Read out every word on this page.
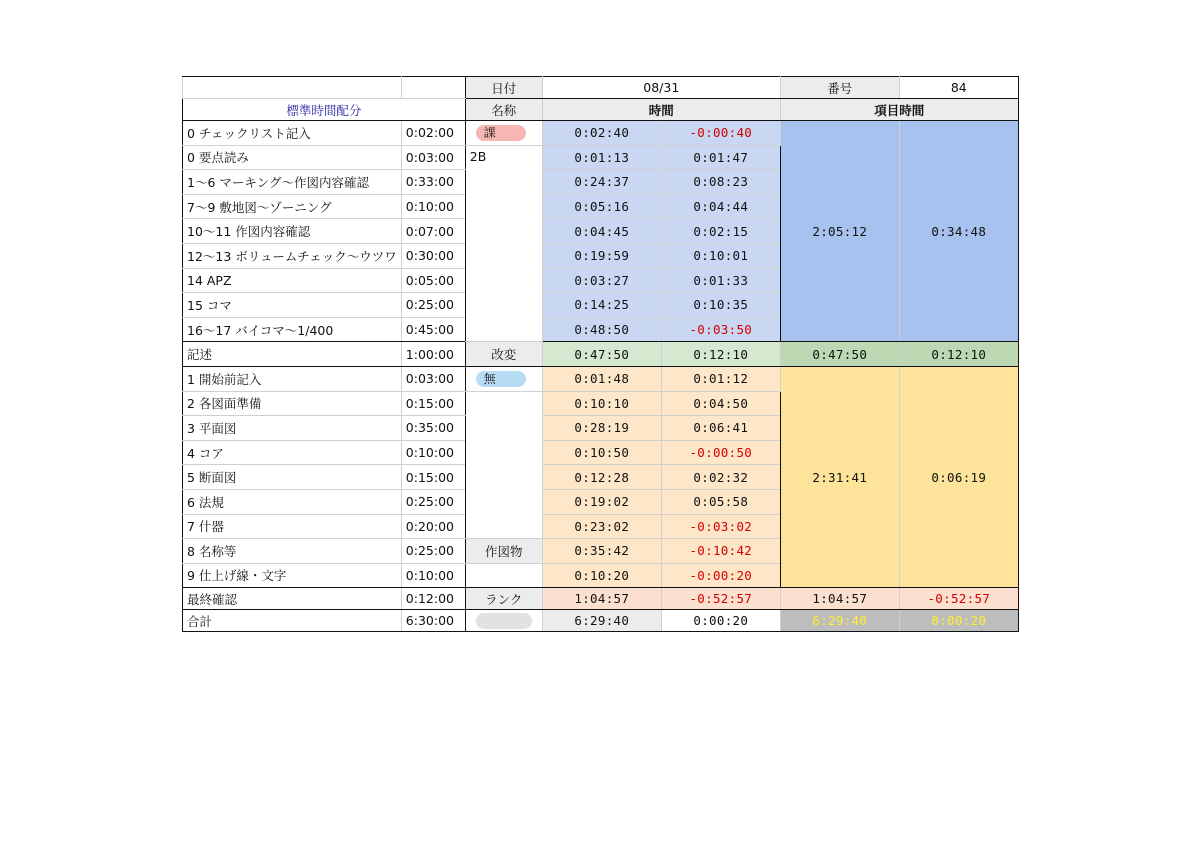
		日付	08/31		番号	84
標準時間配分		名称	時間		項目時間	
0 チェックリスト記入	0:02:00	課	0:02:40	-0:00:40	2:05:12	0:34:48
0 要点読み	0:03:00	2B	0:01:13	0:01:47		
1～6 マーキング～作図内容確認	0:33:00		0:24:37	0:08:23		
7～9 敷地図～ゾーニング	0:10:00		0:05:16	0:04:44		
10～11 作図内容確認	0:07:00		0:04:45	0:02:15		
12～13 ボリュームチェック～ウツワ	0:30:00		0:19:59	0:10:01		
14 APZ	0:05:00		0:03:27	0:01:33		
15 コマ	0:25:00		0:14:25	0:10:35		
16～17 バイコマ～1/400	0:45:00		0:48:50	-0:03:50		
記述	1:00:00	改変	0:47:50	0:12:10	0:47:50	0:12:10
1 開始前記入	0:03:00	無	0:01:48	0:01:12	2:31:41	0:06:19
2 各図面準備	0:15:00		0:10:10	0:04:50		
3 平面図	0:35:00		0:28:19	0:06:41		
4 コア	0:10:00		0:10:50	-0:00:50		
5 断面図	0:15:00		0:12:28	0:02:32		
6 法規	0:25:00		0:19:02	0:05:58		
7 什器	0:20:00		0:23:02	-0:03:02		
8 名称等	0:25:00	作図物	0:35:42	-0:10:42		
9 仕上げ線・文字	0:10:00		0:10:20	-0:00:20		
最終確認	0:12:00	ランク	1:04:57	-0:52:57	1:04:57	-0:52:57
合計	6:30:00		6:29:40	0:00:20	6:29:40	0:00:20
